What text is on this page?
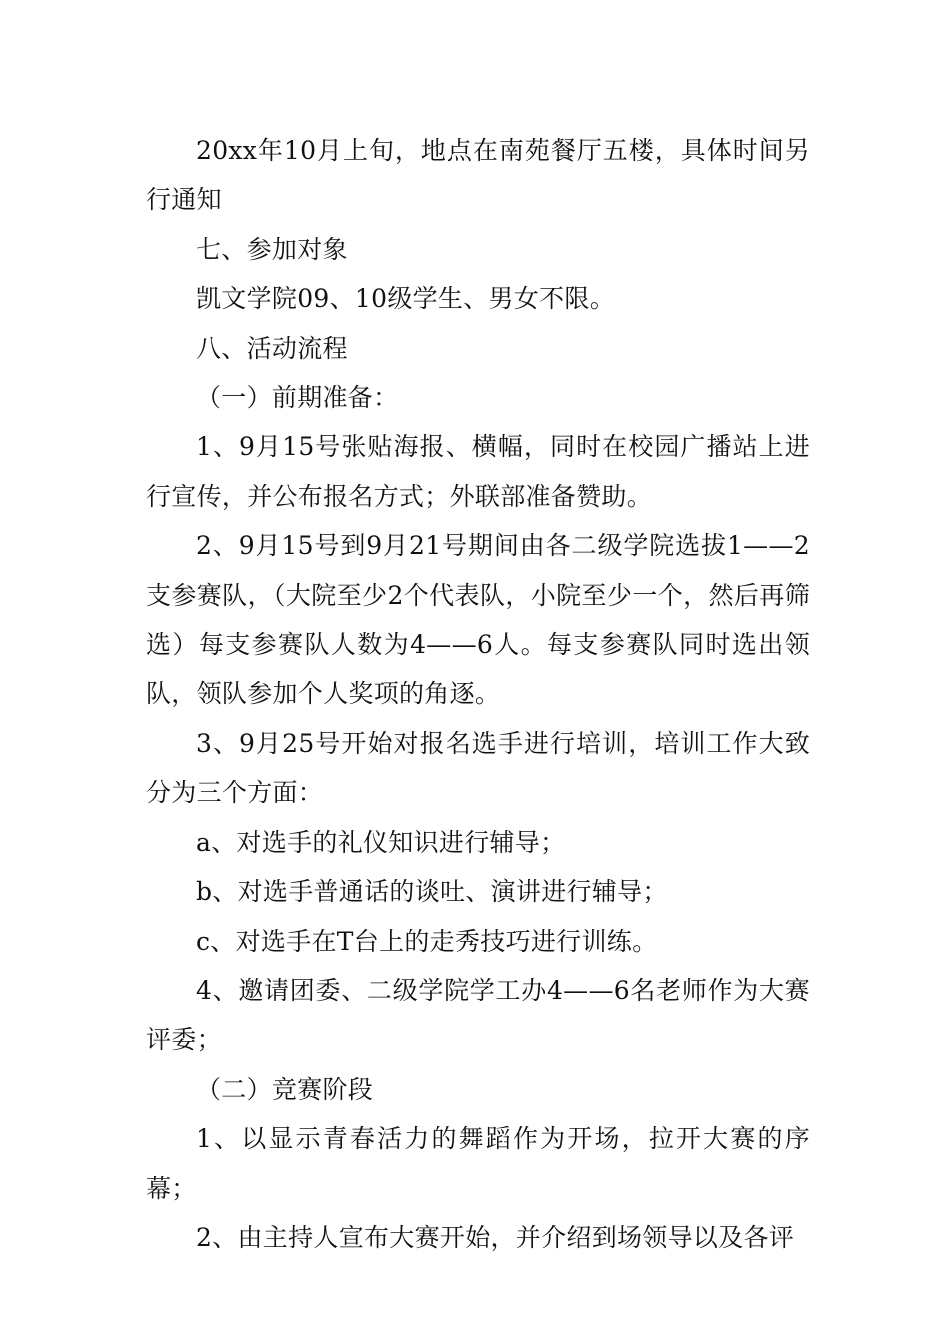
20xx年10月上旬，地点在南苑餐厅五楼，具体时间另行通知

七、参加对象

凯文学院09、10级学生、男女不限。

八、活动流程

（一）前期准备：

1、9月15号张贴海报、横幅，同时在校园广播站上进行宣传，并公布报名方式；外联部准备赞助。

2、9月15号到9月21号期间由各二级学院选拔1——2支参赛队，（大院至少2个代表队，小院至少一个，然后再筛选）每支参赛队人数为4——6人。每支参赛队同时选出领队，领队参加个人奖项的角逐。

3、9月25号开始对报名选手进行培训，培训工作大致分为三个方面：

a、对选手的礼仪知识进行辅导；

b、对选手普通话的谈吐、演讲进行辅导；

c、对选手在T台上的走秀技巧进行训练。

4、邀请团委、二级学院学工办4——6名老师作为大赛评委；

（二）竞赛阶段

1、以显示青春活力的舞蹈作为开场，拉开大赛的序幕；

2、由主持人宣布大赛开始，并介绍到场领导以及各评
